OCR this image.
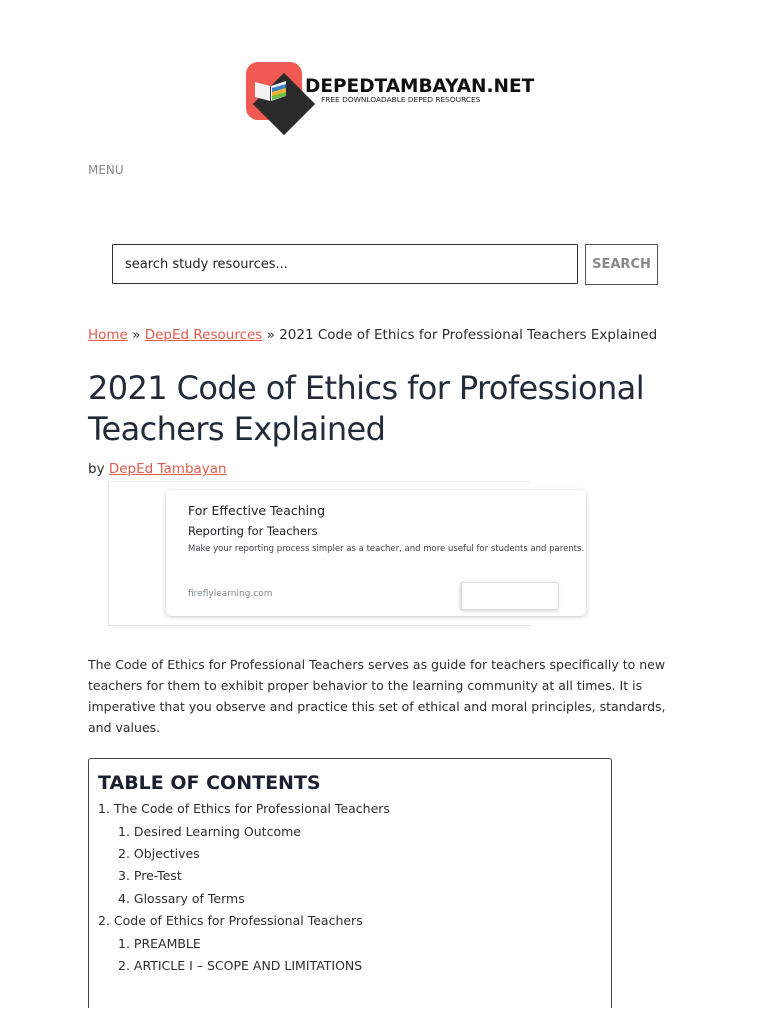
DEPEDTAMBAYAN.NET
FREE DOWNLOADABLE DEPED RESOURCES
MENU
search study resources...
SEARCH
Home » DepEd Resources » 2021 Code of Ethics for Professional Teachers Explained
2021 Code of Ethics for Professional Teachers Explained
by DepEd Tambayan
For Effective Teaching
Reporting for Teachers
Make your reporting process simpler as a teacher, and more useful for students and parents.
fireflylearning.com

The Code of Ethics for Professional Teachers serves as guide for teachers specifically to new teachers for them to exhibit proper behavior to the learning community at all times. It is imperative that you observe and practice this set of ethical and moral principles, standards, and values.

TABLE OF CONTENTS
1. The Code of Ethics for Professional Teachers
1. Desired Learning Outcome
2. Objectives
3. Pre-Test
4. Glossary of Terms
2. Code of Ethics for Professional Teachers
1. PREAMBLE
2. ARTICLE I – SCOPE AND LIMITATIONS
